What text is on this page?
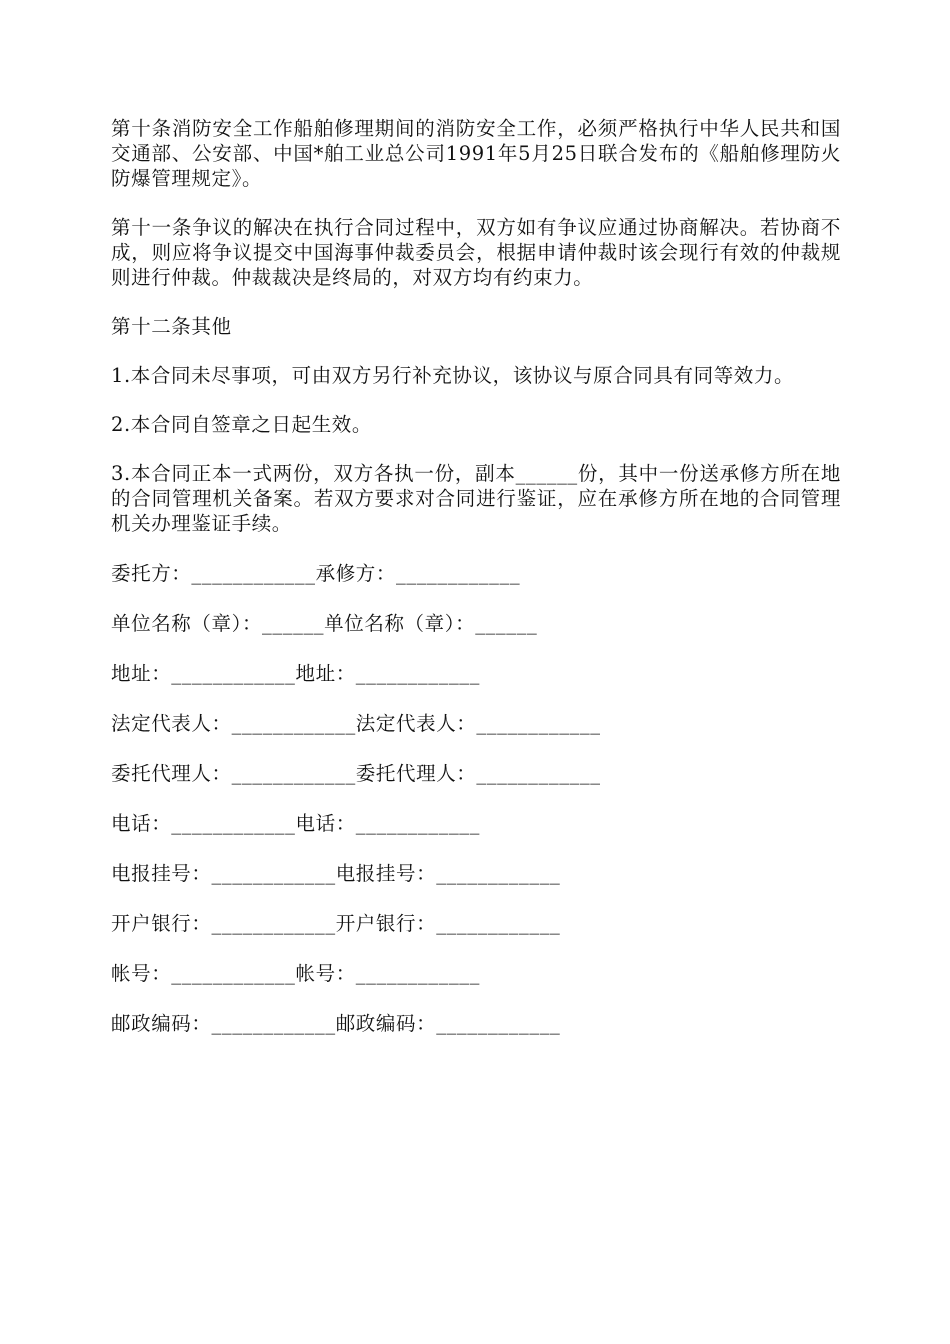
第十条消防安全工作船舶修理期间的消防安全工作，必须严格执行中华人民共和国交通部、公安部、中国*舶工业总公司1991年5月25日联合发布的《船舶修理防火防爆管理规定》。

第十一条争议的解决在执行合同过程中，双方如有争议应通过协商解决。若协商不成，则应将争议提交中国海事仲裁委员会，根据申请仲裁时该会现行有效的仲裁规则进行仲裁。仲裁裁决是终局的，对双方均有约束力。

第十二条其他

1.本合同未尽事项，可由双方另行补充协议，该协议与原合同具有同等效力。

2.本合同自签章之日起生效。

3.本合同正本一式两份，双方各执一份，副本______份，其中一份送承修方所在地的合同管理机关备案。若双方要求对合同进行鉴证，应在承修方所在地的合同管理机关办理鉴证手续。

委托方：____________承修方：____________
单位名称（章）：______单位名称（章）：______
地址：____________地址：____________
法定代表人：____________法定代表人：____________
委托代理人：____________委托代理人：____________
电话：____________电话：____________
电报挂号：____________电报挂号：____________
开户银行：____________开户银行：____________
帐号：____________帐号：____________
邮政编码：____________邮政编码：____________
